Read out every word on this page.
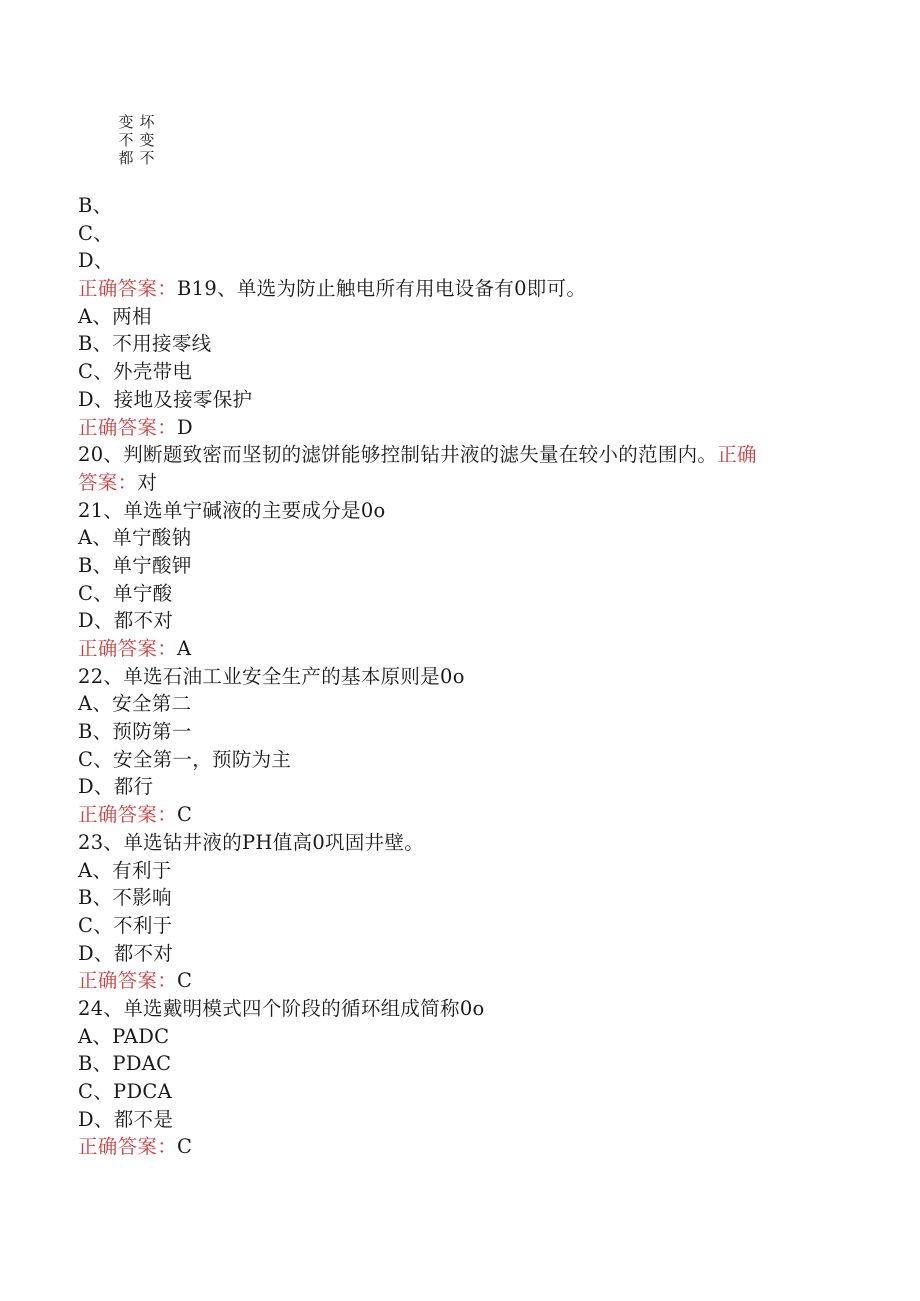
变
不
都
坏
变
不
B、
C、
D、
正确答案：B19、单选为防止触电所有用电设备有0即可。
A、两相
B、不用接零线
C、外壳带电
D、接地及接零保护
正确答案：D
20、判断题致密而坚韧的滤饼能够控制钻井液的滤失量在较小的范围内。正确
答案：对
21、单选单宁碱液的主要成分是0o
A、单宁酸钠
B、单宁酸钾
C、单宁酸
D、都不对
正确答案：A
22、单选石油工业安全生产的基本原则是0o
A、安全第二
B、预防第一
C、安全第一，预防为主
D、都行
正确答案：C
23、单选钻井液的PH值高0巩固井壁。
A、有利于
B、不影响
C、不利于
D、都不对
正确答案：C
24、单选戴明模式四个阶段的循环组成简称0o
A、PADC
B、PDAC
C、PDCA
D、都不是
正确答案：C
